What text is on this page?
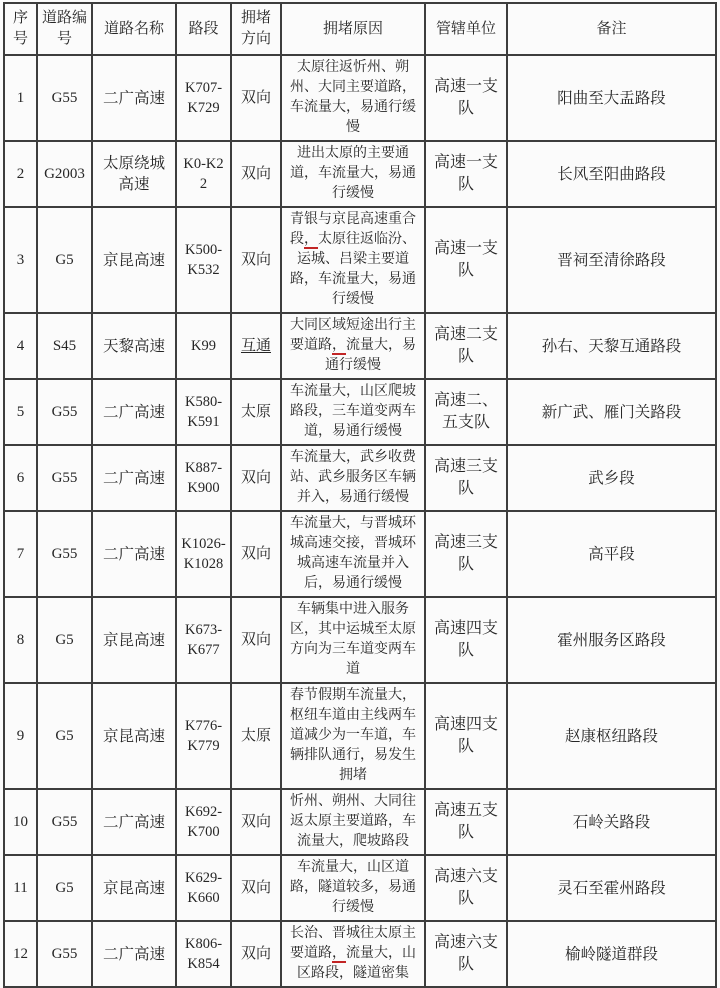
序号	道路编号	道路名称	路段	拥堵方向	拥堵原因	管辖单位	备注
1	G55	二广高速	K707-K729	双向	太原往返忻州、朔州、大同主要道路，车流量大，易通行缓慢	高速一支队	阳曲至大盂路段
2	G2003	太原绕城高速	K0-K22	双向	进出太原的主要通道，车流量大，易通行缓慢	高速一支队	长风至阳曲路段
3	G5	京昆高速	K500-K532	双向	青银与京昆高速重合段，太原往返临汾、运城、吕梁主要道路，车流量大，易通行缓慢	高速一支队	晋祠至清徐路段
4	S45	天黎高速	K99	互通	大同区域短途出行主要道路，流量大，易通行缓慢	高速二支队	孙右、天黎互通路段
5	G55	二广高速	K580-K591	太原	车流量大，山区爬坡路段，三车道变两车道，易通行缓慢	高速二、五支队	新广武、雁门关路段
6	G55	二广高速	K887-K900	双向	车流量大，武乡收费站、武乡服务区车辆并入，易通行缓慢	高速三支队	武乡段
7	G55	二广高速	K1026-K1028	双向	车流量大，与晋城环城高速交接，晋城环城高速车流量并入后，易通行缓慢	高速三支队	高平段
8	G5	京昆高速	K673-K677	双向	车辆集中进入服务区，其中运城至太原方向为三车道变两车道	高速四支队	霍州服务区路段
9	G5	京昆高速	K776-K779	太原	春节假期车流量大，枢纽车道由主线两车道减少为一车道，车辆排队通行，易发生拥堵	高速四支队	赵康枢纽路段
10	G55	二广高速	K692-K700	双向	忻州、朔州、大同往返太原主要道路，车流量大，爬坡路段	高速五支队	石岭关路段
11	G5	京昆高速	K629-K660	双向	车流量大，山区道路，隧道较多，易通行缓慢	高速六支队	灵石至霍州路段
12	G55	二广高速	K806-K854	双向	长治、晋城往太原主要道路，流量大，山区路段，隧道密集	高速六支队	榆岭隧道群段
